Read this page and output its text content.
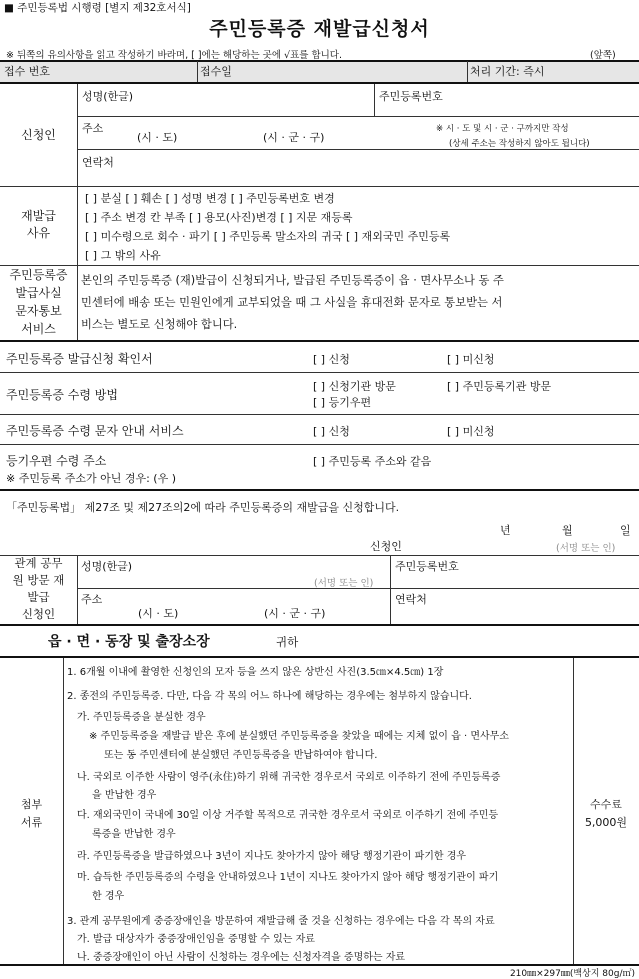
■ 주민등록법 시행령 [별지 제32호서식]
주민등록증 재발급신청서
※ 뒤쪽의 유의사항을 읽고 작성하기 바라며, [ ]에는 해당하는 곳에 √표를 합니다.	(앞쪽)
접수 번호	접수일	처리 기간: 즉시
신청인
성명(한글)	주민등록번호
주소
(시 · 도)	(시 · 군 · 구)
※ 시 · 도 및 시 · 군 · 구까지만 작성
(상세 주소는 작성하지 않아도 됩니다)
연락처
재발급
사유
[ ] 분실 [ ] 훼손 [ ] 성명 변경 [ ] 주민등록번호 변경
[ ] 주소 변경 칸 부족 [ ] 용모(사진)변경 [ ] 지문 재등록
[ ] 미수령으로 회수 · 파기 [ ] 주민등록 말소자의 귀국 [ ] 재외국민 주민등록
[ ] 그 밖의 사유
주민등록증
발급사실
문자통보
서비스
본인의 주민등록증 (재)발급이 신청되거나, 발급된 주민등록증이 읍 · 면사무소나 동 주
민센터에 배송 또는 민원인에게 교부되었을 때 그 사실을 휴대전화 문자로 통보받는 서
비스는 별도로 신청해야 합니다.
주민등록증 발급신청 확인서	[ ] 신청	[ ] 미신청
주민등록증 수령 방법
[ ] 신청기관 방문	[ ] 주민등록기관 방문
[ ] 등기우편
주민등록증 수령 문자 안내 서비스	[ ] 신청	[ ] 미신청
등기우편 수령 주소	[ ] 주민등록 주소와 같음
※ 주민등록 주소가 아닌 경우: (우 )
「주민등록법」 제27조 및 제27조의2에 따라 주민등록증의 재발급을 신청합니다.
년	월	일
신청인	(서명 또는 인)
관계 공무
원 방문 재
발급
신청인
성명(한글)
(서명 또는 인)
주민등록번호
주소
(시 · 도)	(시 · 군 · 구)
연락처
읍 · 면 · 동장 및 출장소장	귀하
첨부
서류
수수료
5,000원
1. 6개월 이내에 촬영한 신청인의 모자 등을 쓰지 않은 상반신 사진(3.5㎝×4.5㎝) 1장
2. 종전의 주민등록증. 다만, 다음 각 목의 어느 하나에 해당하는 경우에는 첨부하지 않습니다.
가. 주민등록증을 분실한 경우
※ 주민등록증을 재발급 받은 후에 분실했던 주민등록증을 찾았을 때에는 지체 없이 읍 · 면사무소
또는 동 주민센터에 분실했던 주민등록증을 반납하여야 합니다.
나. 국외로 이주한 사람이 영주(永住)하기 위해 귀국한 경우로서 국외로 이주하기 전에 주민등록증
을 반납한 경우
다. 재외국민이 국내에 30일 이상 거주할 목적으로 귀국한 경우로서 국외로 이주하기 전에 주민등
록증을 반납한 경우
라. 주민등록증을 발급하였으나 3년이 지나도 찾아가지 않아 해당 행정기관이 파기한 경우
마. 습득한 주민등록증의 수령을 안내하였으나 1년이 지나도 찾아가지 않아 해당 행정기관이 파기
한 경우
3. 관계 공무원에게 중증장애인을 방문하여 재발급해 줄 것을 신청하는 경우에는 다음 각 목의 자료
가. 발급 대상자가 중증장애인임을 증명할 수 있는 자료
나. 중증장애인이 아닌 사람이 신청하는 경우에는 신청자격을 증명하는 자료
210㎜×297㎜(백상지 80g/㎡)
